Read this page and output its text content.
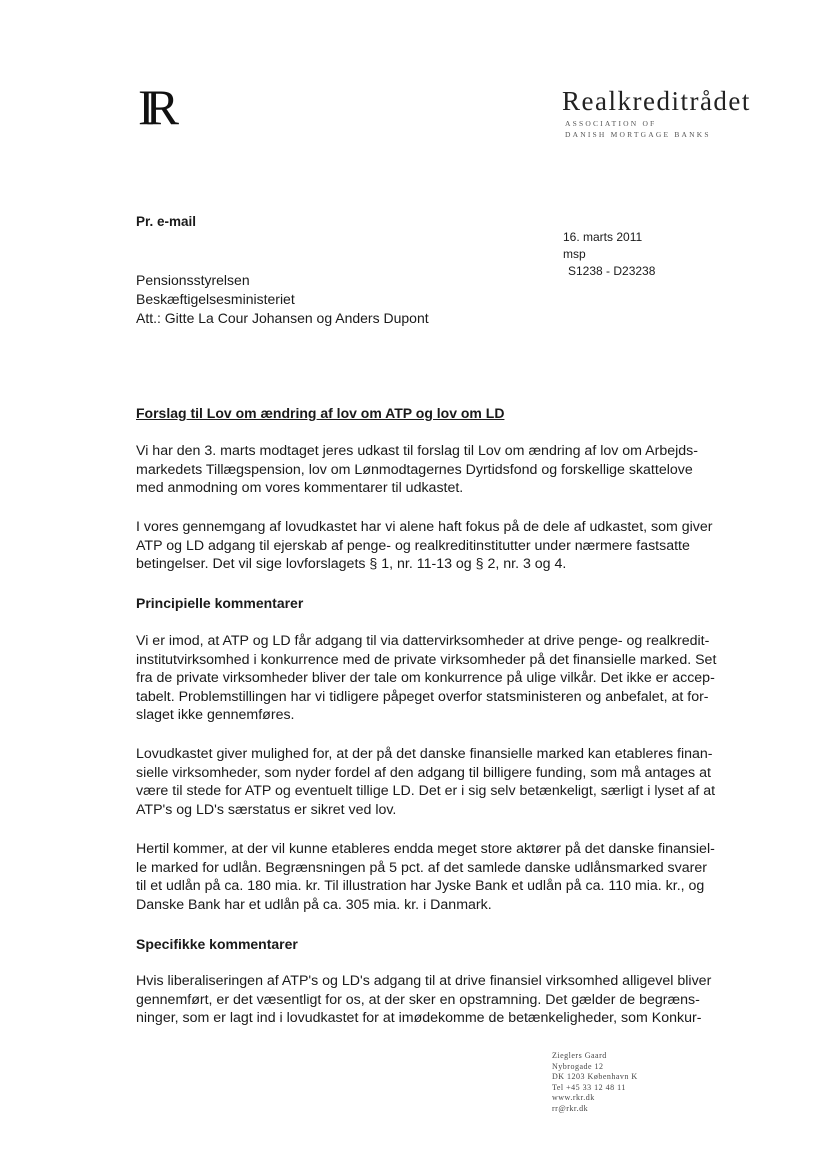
IR	Realkreditrådet
ASSOCIATION OF
DANISH MORTGAGE BANKS
Pr. e-mail
16. marts 2011
msp
S1238 - D23238
Pensionsstyrelsen
Beskæftigelsesministeriet
Att.: Gitte La Cour Johansen og Anders Dupont
Forslag til Lov om ændring af lov om ATP og lov om LD
Vi har den 3. marts modtaget jeres udkast til forslag til Lov om ændring af lov om Arbejds-
markedets Tillægspension, lov om Lønmodtagernes Dyrtidsfond og forskellige skattelove
med anmodning om vores kommentarer til udkastet.
I vores gennemgang af lovudkastet har vi alene haft fokus på de dele af udkastet, som giver
ATP og LD adgang til ejerskab af penge- og realkreditinstitutter under nærmere fastsatte
betingelser. Det vil sige lovforslagets § 1, nr. 11-13 og § 2, nr. 3 og 4.
Principielle kommentarer
Vi er imod, at ATP og LD får adgang til via dattervirksomheder at drive penge- og realkredit-
institutvirksomhed i konkurrence med de private virksomheder på det finansielle marked. Set
fra de private virksomheder bliver der tale om konkurrence på ulige vilkår. Det ikke er accep-
tabelt. Problemstillingen har vi tidligere påpeget overfor statsministeren og anbefalet, at for-
slaget ikke gennemføres.
Lovudkastet giver mulighed for, at der på det danske finansielle marked kan etableres finan-
sielle virksomheder, som nyder fordel af den adgang til billigere funding, som må antages at
være til stede for ATP og eventuelt tillige LD. Det er i sig selv betænkeligt, særligt i lyset af at
ATP's og LD's særstatus er sikret ved lov.
Hertil kommer, at der vil kunne etableres endda meget store aktører på det danske finansiel-
le marked for udlån. Begrænsningen på 5 pct. af det samlede danske udlånsmarked svarer
til et udlån på ca. 180 mia. kr. Til illustration har Jyske Bank et udlån på ca. 110 mia. kr., og
Danske Bank har et udlån på ca. 305 mia. kr. i Danmark.
Specifikke kommentarer
Hvis liberaliseringen af ATP's og LD's adgang til at drive finansiel virksomhed alligevel bliver
gennemført, er det væsentligt for os, at der sker en opstramning. Det gælder de begræns-
ninger, som er lagt ind i lovudkastet for at imødekomme de betænkeligheder, som Konkur-
Zieglers Gaard
Nybrogade 12
DK 1203 København K
Tel +45 33 12 48 11
www.rkr.dk
rr@rkr.dk
